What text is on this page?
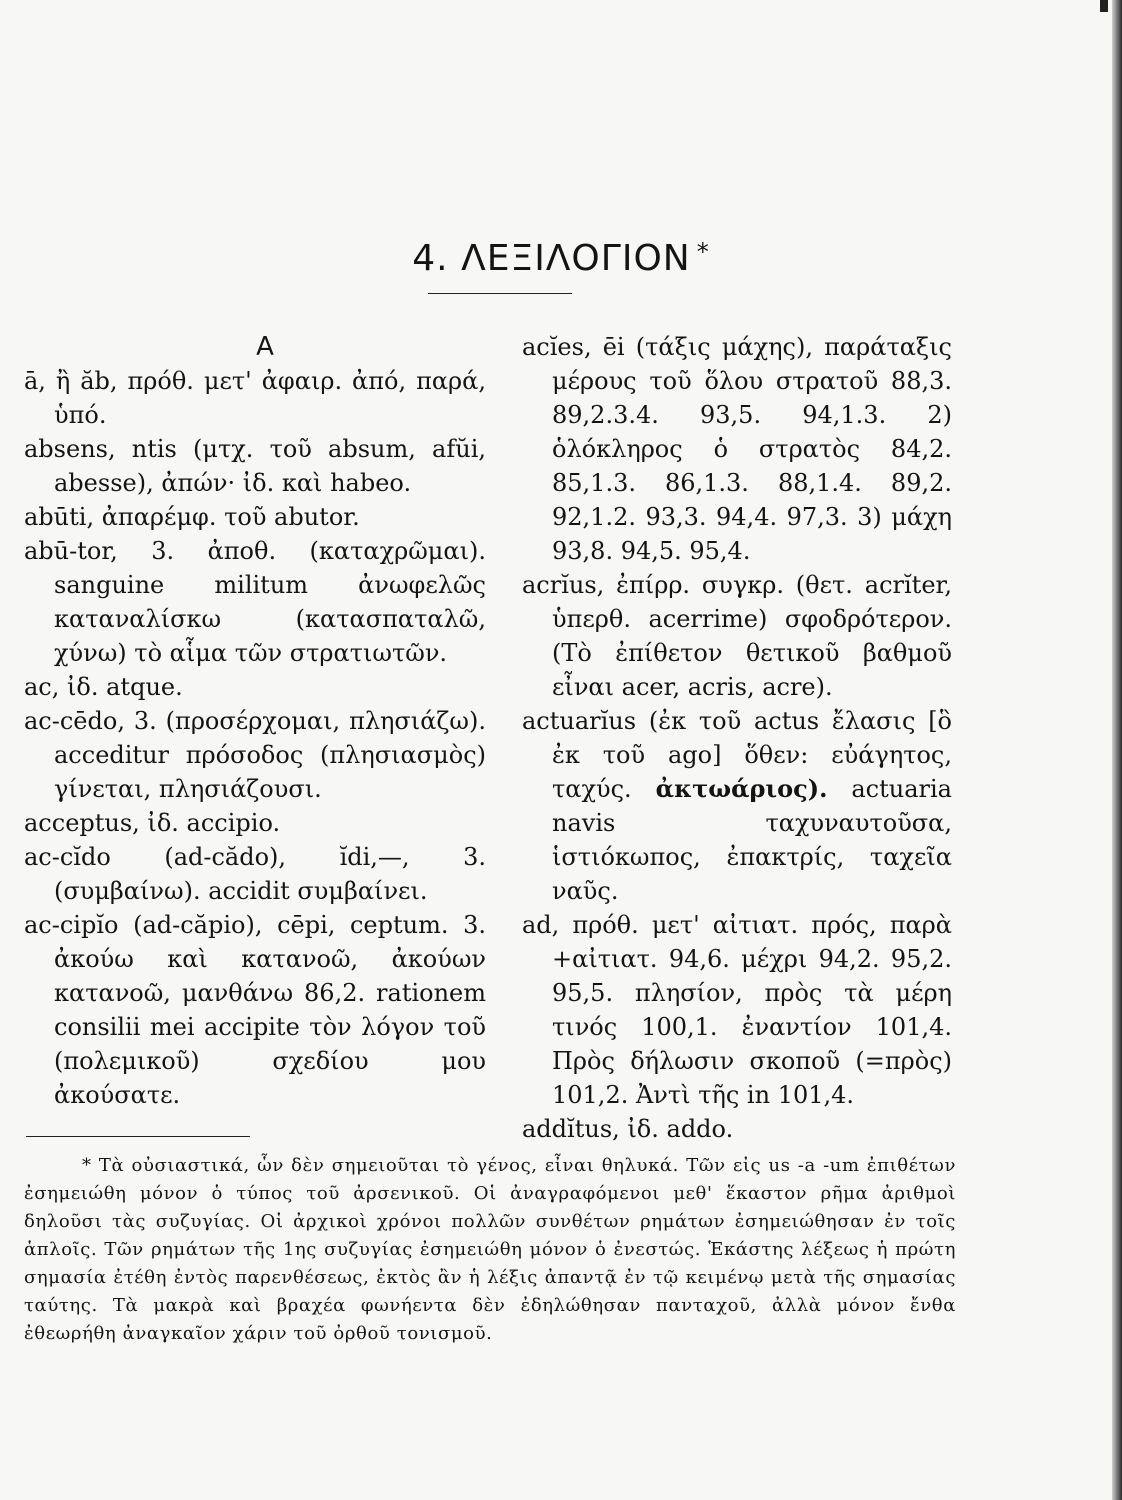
4. ΛΕΞΙΛΟΓΙΟΝ *
Α

ā, ἢ ăb, πρόθ. μετ' ἀφαιρ. ἀπό, παρά, ὑπό.

absens, ntis (μτχ. τοῦ absum, afŭi, abesse), ἀπών· ἰδ. καὶ habeo.

abūti, ἀπαρέμφ. τοῦ abutor.

abū-tor, 3. ἀποθ. (καταχρῶμαι). sanguine militum ἀνωφελῶς καταναλίσκω (κατασπαταλῶ, χύνω) τὸ αἷμα τῶν στρατιωτῶν.

ac, ἰδ. atque.

ac-cēdo, 3. (προσέρχομαι, πλησιάζω). acceditur πρόσοδος (πλησιασμὸς) γίνεται, πλησιάζουσι.

acceptus, ἰδ. accipio.

ac-cĭdo (ad-cădo), ĭdi,—, 3. (συμβαίνω). accidit συμβαίνει.

ac-cipĭo (ad-căpio), cēpi, ceptum. 3. ἀκούω καὶ κατανοῶ, ἀκούων κατανοῶ, μανθάνω 86,2. rationem consilii mei accipite τὸν λόγον τοῦ (πολεμικοῦ) σχεδίου μου ἀκούσατε.

acĭes, ēi (τάξις μάχης), παράταξις μέρους τοῦ ὅλου στρατοῦ 88,3. 89,2.3.4. 93,5. 94,1.3. 2) ὁλόκληρος ὁ στρατὸς 84,2. 85,1.3. 86,1.3. 88,1.4. 89,2. 92,1.2. 93,3. 94,4. 97,3. 3) μάχη 93,8. 94,5. 95,4.

acrĭus, ἐπίρρ. συγκρ. (θετ. acrĭter, ὑπερθ. acerrime) σφοδρότερον. (Τὸ ἐπίθετον θετικοῦ βαθμοῦ εἶναι acer, acris, acre).

actuarĭus (ἐκ τοῦ actus ἔλασις [ὃ ἐκ τοῦ ago] ὅθεν: εὐάγητος, ταχύς. ἀκτωάριος). actuaria navis ταχυναυτοῦσα, ἱστιόκωπος, ἐπακτρίς, ταχεῖα ναῦς.

ad, πρόθ. μετ' αἰτιατ. πρός, παρὰ +αἰτιατ. 94,6. μέχρι 94,2. 95,2. 95,5. πλησίον, πρὸς τὰ μέρη τινός 100,1. ἐναντίον 101,4. Πρὸς δήλωσιν σκοποῦ (=πρὸς) 101,2. Ἀντὶ τῆς in 101,4.

addĭtus, ἰδ. addo.

* Τὰ οὐσιαστικά, ὧν δὲν σημειοῦται τὸ γένος, εἶναι θηλυκά. Τῶν εἰς us -a -um ἐπιθέτων ἐσημειώθη μόνον ὁ τύπος τοῦ ἀρσενικοῦ. Οἱ ἀναγραφόμενοι μεθ' ἕκαστον ρῆμα ἀριθμοὶ δηλοῦσι τὰς συζυγίας. Οἱ ἀρχικοὶ χρόνοι πολλῶν συνθέτων ρημάτων ἐσημειώθησαν ἐν τοῖς ἁπλοῖς. Τῶν ρημάτων τῆς 1ης συζυγίας ἐσημειώθη μόνον ὁ ἐνεστώς. Ἑκάστης λέξεως ἡ πρώτη σημασία ἐτέθη ἐντὸς παρενθέσεως, ἐκτὸς ἂν ἡ λέξις ἀπαντᾷ ἐν τῷ κειμένῳ μετὰ τῆς σημασίας ταύτης. Τὰ μακρὰ καὶ βραχέα φωνήεντα δὲν ἐδηλώθησαν πανταχοῦ, ἀλλὰ μόνον ἔνθα ἐθεωρήθη ἀναγκαῖον χάριν τοῦ ὀρθοῦ τονισμοῦ.
